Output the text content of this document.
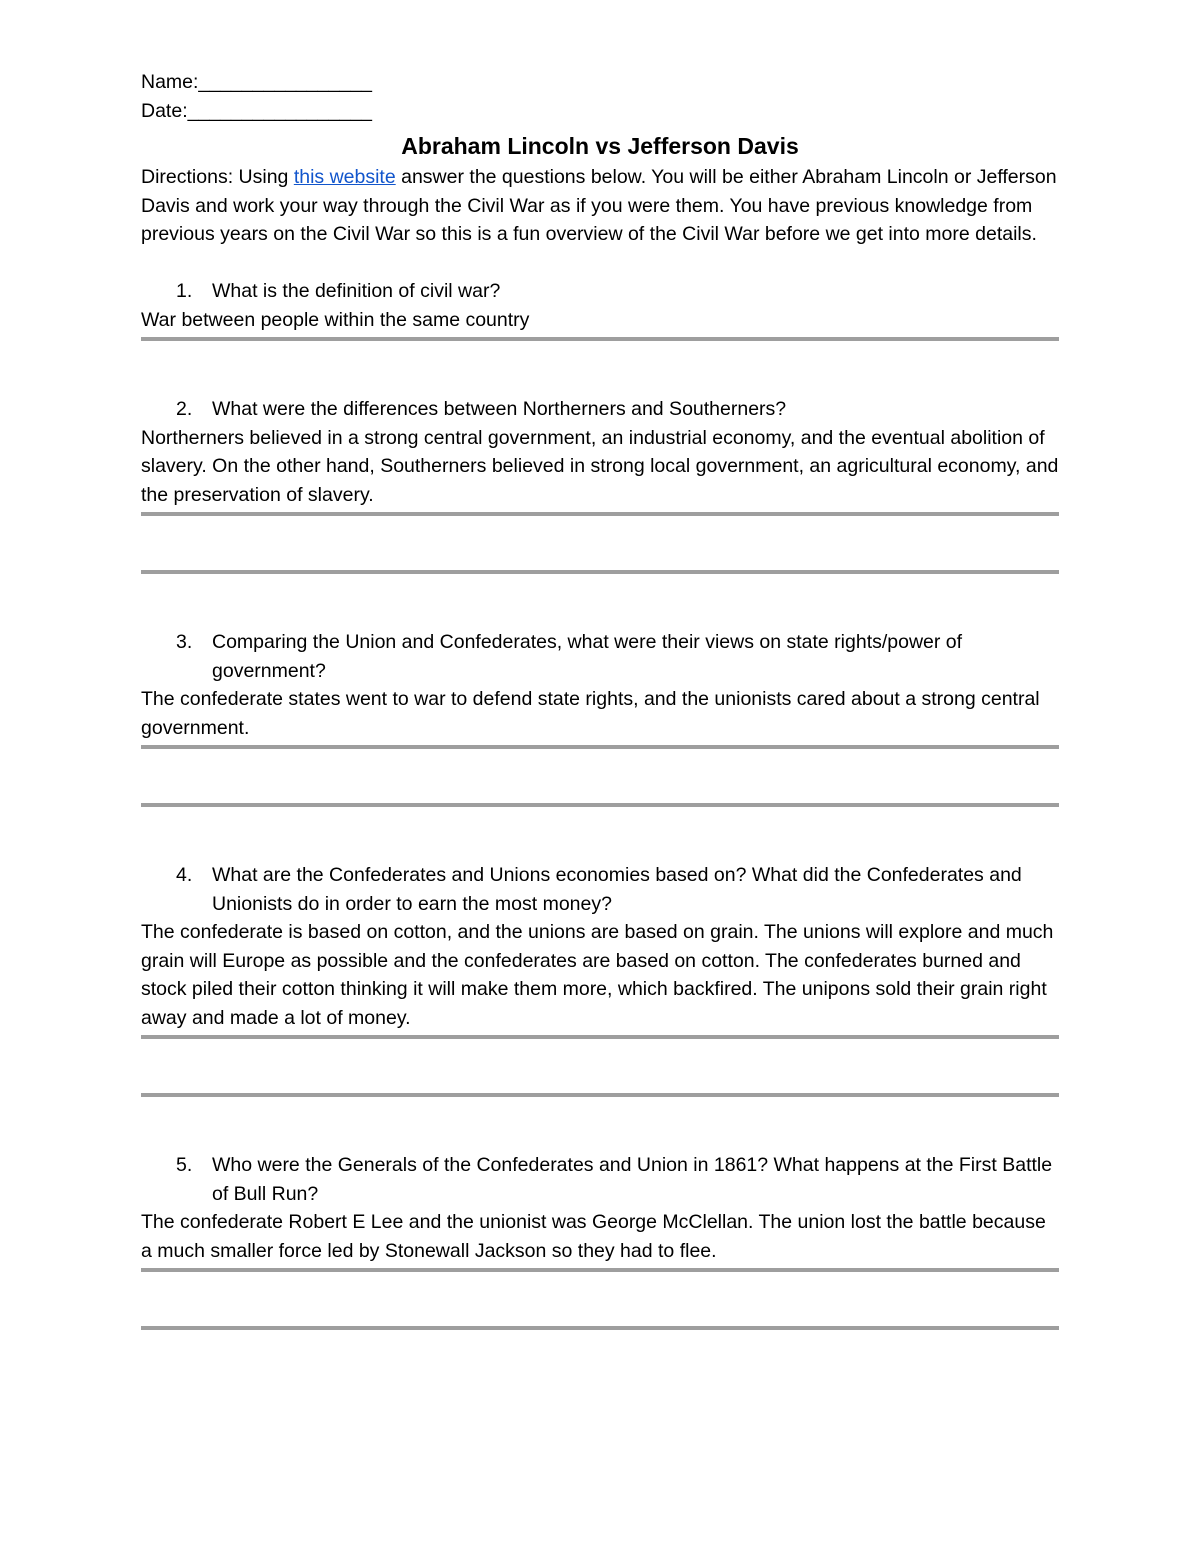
Name:________________
Date:_________________
Abraham Lincoln vs Jefferson Davis
Directions: Using this website answer the questions below. You will be either Abraham Lincoln or Jefferson Davis and work your way through the Civil War as if you were them. You have previous knowledge from previous years on the Civil War so this is a fun overview of the Civil War before we get into more details.
1. What is the definition of civil war?
War between people within the same country
2. What were the differences between Northerners and Southerners?
Northerners believed in a strong central government, an industrial economy, and the eventual abolition of slavery. On the other hand, Southerners believed in strong local government, an agricultural economy, and the preservation of slavery.
3. Comparing the Union and Confederates, what were their views on state rights/power of government?
The confederate states went to war to defend state rights, and the unionists cared about a strong central government.
4. What are the Confederates and Unions economies based on? What did the Confederates and Unionists do in order to earn the most money?
The confederate is based on cotton, and the unions are based on grain. The unions will explore and much grain will Europe as possible and the confederates are based on cotton. The confederates burned and stock piled their cotton thinking it will make them more, which backfired. The unipons sold their grain right away and made a lot of money.
5. Who were the Generals of the Confederates and Union in 1861? What happens at the First Battle of Bull Run?
The confederate Robert E Lee and the unionist was George McClellan. The union lost the battle because a much smaller force led by Stonewall Jackson so they had to flee.
